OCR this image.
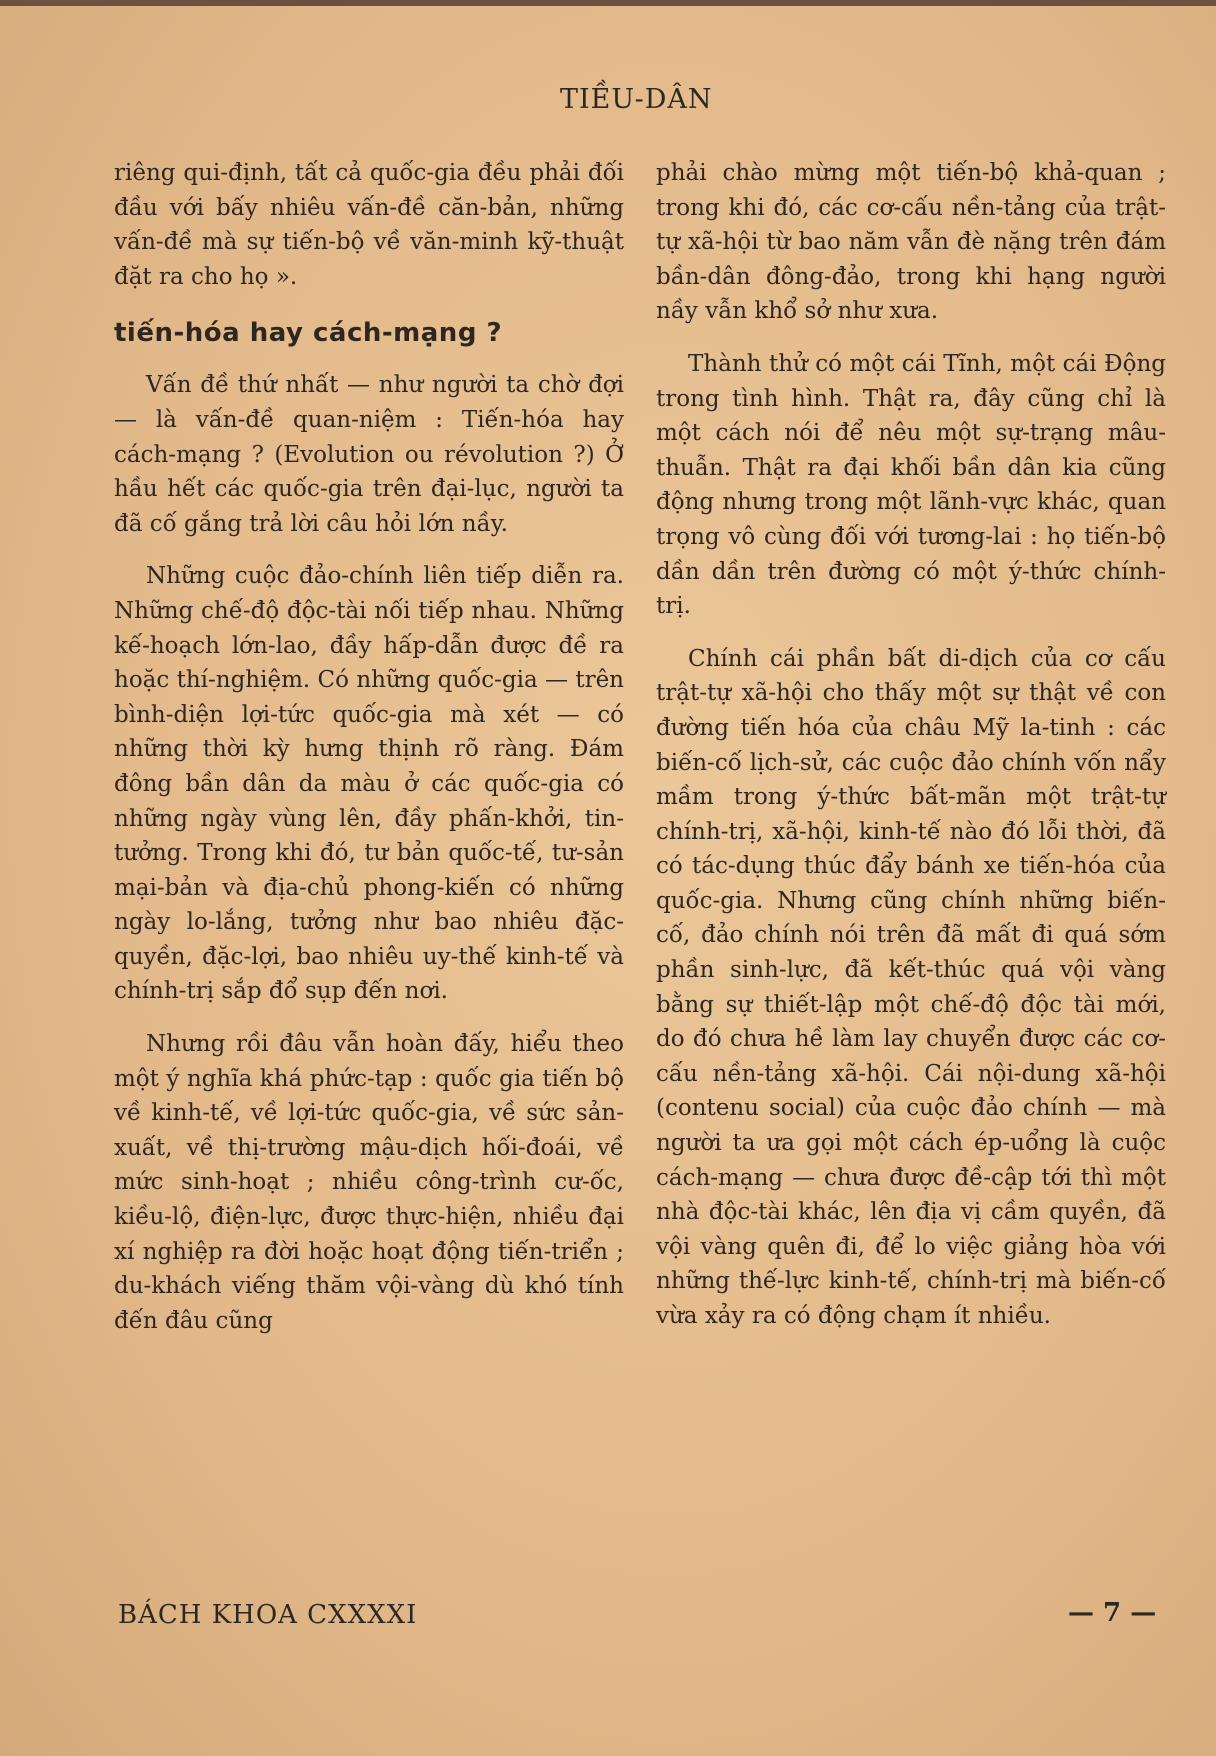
TIỀU-DÂN

riêng qui-định, tất cả quốc-gia đều phải đối đầu với bấy nhiêu vấn-đề căn-bản, những vấn-đề mà sự tiến-bộ về văn-minh kỹ-thuật đặt ra cho họ ».

tiến-hóa hay cách-mạng ?

Vấn đề thứ nhất — như người ta chờ đợi — là vấn-đề quan-niệm : Tiến-hóa hay cách-mạng ? (Evolution ou révolution ?) Ở hầu hết các quốc-gia trên đại-lục, người ta đã cố gắng trả lời câu hỏi lớn nầy.

Những cuộc đảo-chính liên tiếp diễn ra. Những chế-độ độc-tài nối tiếp nhau. Những kế-hoạch lớn-lao, đầy hấp-dẫn được đề ra hoặc thí-nghiệm. Có những quốc-gia — trên bình-diện lợi-tức quốc-gia mà xét — có những thời kỳ hưng thịnh rõ ràng. Đám đông bần dân da màu ở các quốc-gia có những ngày vùng lên, đầy phấn-khởi, tin-tưởng. Trong khi đó, tư bản quốc-tế, tư-sản mại-bản và địa-chủ phong-kiến có những ngày lo-lắng, tưởng như bao nhiêu đặc-quyền, đặc-lợi, bao nhiêu uy-thế kinh-tế và chính-trị sắp đổ sụp đến nơi.

Nhưng rồi đâu vẫn hoàn đấy, hiểu theo một ý nghĩa khá phức-tạp : quốc gia tiến bộ về kinh-tế, về lợi-tức quốc-gia, về sức sản-xuất, về thị-trường mậu-dịch hối-đoái, về mức sinh-hoạt ; nhiều công-trình cư-ốc, kiều-lộ, điện-lực, được thực-hiện, nhiều đại xí nghiệp ra đời hoặc hoạt động tiến-triển ; du-khách viếng thăm vội-vàng dù khó tính đến đâu cũng

phải chào mừng một tiến-bộ khả-quan ; trong khi đó, các cơ-cấu nền-tảng của trật-tự xã-hội từ bao năm vẫn đè nặng trên đám bần-dân đông-đảo, trong khi hạng người nầy vẫn khổ sở như xưa.

Thành thử có một cái Tĩnh, một cái Động trong tình hình. Thật ra, đây cũng chỉ là một cách nói để nêu một sự-trạng mâu-thuẫn. Thật ra đại khối bần dân kia cũng động nhưng trong một lãnh-vực khác, quan trọng vô cùng đối với tương-lai : họ tiến-bộ dần dần trên đường có một ý-thức chính-trị.

Chính cái phần bất di-dịch của cơ cấu trật-tự xã-hội cho thấy một sự thật về con đường tiến hóa của châu Mỹ la-tinh : các biến-cố lịch-sử, các cuộc đảo chính vốn nẩy mầm trong ý-thức bất-mãn một trật-tự chính-trị, xã-hội, kinh-tế nào đó lỗi thời, đã có tác-dụng thúc đẩy bánh xe tiến-hóa của quốc-gia. Nhưng cũng chính những biến-cố, đảo chính nói trên đã mất đi quá sớm phần sinh-lực, đã kết-thúc quá vội vàng bằng sự thiết-lập một chế-độ độc tài mới, do đó chưa hề làm lay chuyển được các cơ-cấu nền-tảng xã-hội. Cái nội-dung xã-hội (contenu social) của cuộc đảo chính — mà người ta ưa gọi một cách ép-uổng là cuộc cách-mạng — chưa được đề-cập tới thì một nhà độc-tài khác, lên địa vị cầm quyền, đã vội vàng quên đi, để lo việc giảng hòa với những thế-lực kinh-tế, chính-trị mà biến-cố vừa xảy ra có động chạm ít nhiều.

BÁCH KHOA CXXXXI	— 7 —
